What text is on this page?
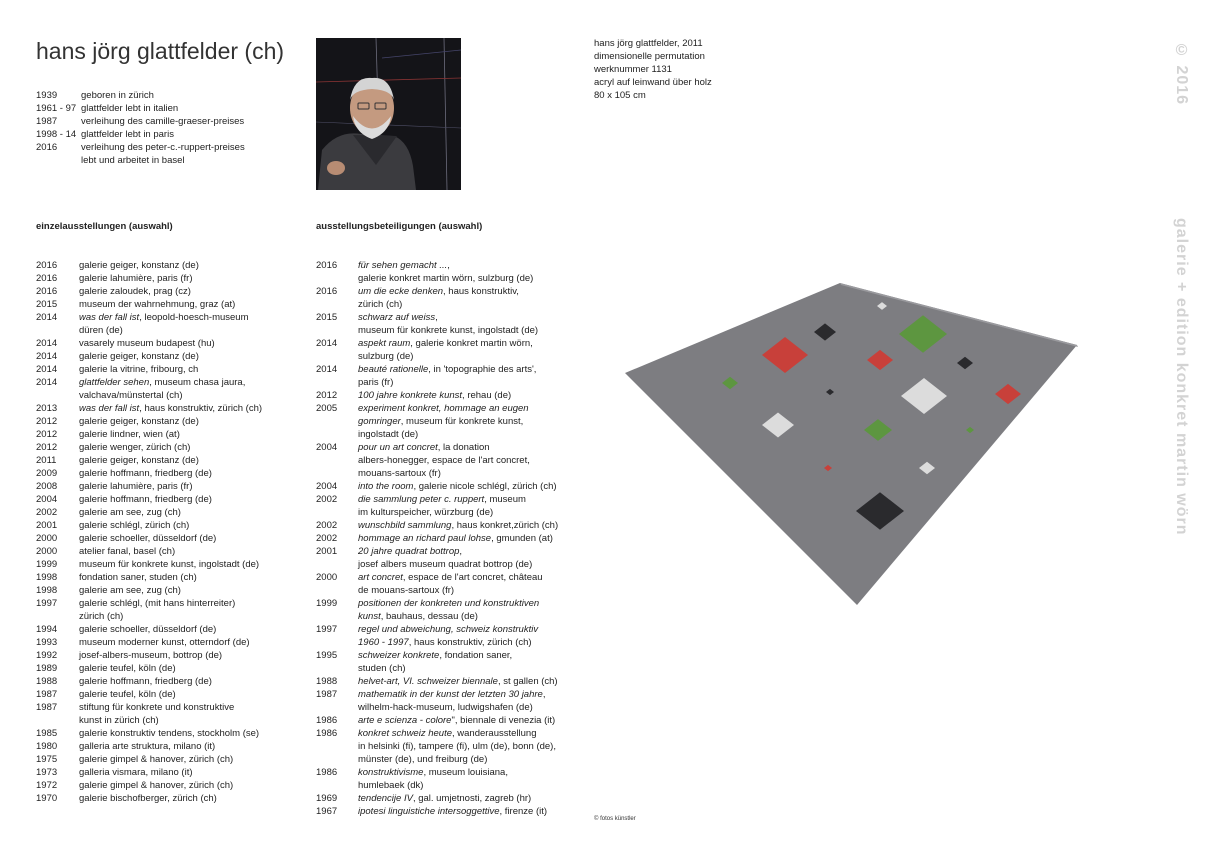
hans jörg glattfelder (ch)
1939	geboren in zürich
1961 - 97 glattfelder lebt in italien
1987	verleihung des camille-graeser-preises
1998 - 14 glattfelder lebt in paris
2016	verleihung des peter-c.-ruppert-preises
lebt und arbeitet in basel
hans jörg glattfelder, 2011
dimensionelle permutation
werknummer 1131
acryl auf leinwand über holz
80 x 105 cm
einzelausstellungen (auswahl)	ausstellungsbeteiligungen (auswahl)
2016	galerie geiger, konstanz (de)
2016	galerie lahumière, paris (fr)
2016	galerie zaloudek, prag (cz)
2015	museum der wahrnehmung, graz (at)
2014	was der fall ist, leopold-hoesch-museum
düren (de)
2014	vasarely museum budapest (hu)
2014	galerie geiger, konstanz (de)
2014	galerie la vitrine, fribourg, ch
2014	glattfelder sehen, museum chasa jaura,
valchava/münstertal (ch)
2013	was der fall ist, haus konstruktiv, zürich (ch)
2012	galerie geiger, konstanz (de)
2012	galerie lindner, wien (at)
2012	galerie wenger, zürich (ch)
2011	galerie geiger, konstanz (de)
2009	galerie hoffmann, friedberg (de)
2008	galerie lahumière, paris (fr)
2004	galerie hoffmann, friedberg (de)
2002	galerie am see, zug (ch)
2001	galerie schlégl, zürich (ch)
2000	galerie schoeller, düsseldorf (de)
2000	atelier fanal, basel (ch)
1999	museum für konkrete kunst, ingolstadt (de)
1998	fondation saner, studen (ch)
1998	galerie am see, zug (ch)
1997	galerie schlégl, (mit hans hinterreiter)
zürich (ch)
1994	galerie schoeller, düsseldorf (de)
1993	museum moderner kunst, otterndorf (de)
1992	josef-albers-museum, bottrop (de)
1989	galerie teufel, köln (de)
1988	galerie hoffmann, friedberg (de)
1987	galerie teufel, köln (de)
1987	stiftung für konkrete und konstruktive
kunst in zürich (ch)
1985	galerie konstruktiv tendens, stockholm (se)
1980	galleria arte struktura, milano (it)
1975	galerie gimpel & hanover, zürich (ch)
1973	galleria vismara, milano (it)
1972	galerie gimpel & hanover, zürich (ch)
1970	galerie bischofberger, zürich (ch)
2016	für sehen gemacht ...,
galerie konkret martin wörn, sulzburg (de)
2016	um die ecke denken, haus konstruktiv,
zürich (ch)
2015	schwarz auf weiss,
museum für konkrete kunst, ingolstadt (de)
2014	aspekt raum, galerie konkret martin wörn,
sulzburg (de)
2014	beauté rationelle, in 'topographie des arts',
paris (fr)
2012	100 jahre konkrete kunst, rehau (de)
2005	experiment konkret, hommage an eugen
gomringer, museum für konkrete kunst,
ingolstadt (de)
2004	pour un art concret, la donation
albers-honegger, espace de l'art concret,
mouans-sartoux (fr)
2004	into the room, galerie nicole schlégl, zürich (ch)
2002	die sammlung peter c. ruppert, museum
im kulturspeicher, würzburg (de)
2002	wunschbild sammlung, haus konkret,zürich (ch)
2002	hommage an richard paul lohse, gmunden (at)
2001	20 jahre quadrat bottrop,
josef albers museum quadrat bottrop (de)
2000	art concret, espace de l'art concret, château
de mouans-sartoux (fr)
1999	positionen der konkreten und konstruktiven
kunst, bauhaus, dessau (de)
1997	regel und abweichung, schweiz konstruktiv
1960 - 1997, haus konstruktiv, zürich (ch)
1995	schweizer konkrete, fondation saner,
studen (ch)
1988	helvet-art, VI. schweizer biennale, st gallen (ch)
1987	mathematik in der kunst der letzten 30 jahre,
wilhelm-hack-museum, ludwigshafen (de)
1986	arte e scienza - colore", biennale di venezia (it)
1986	konkret schweiz heute, wanderausstellung
in helsinki (fi), tampere (fi), ulm (de), bonn (de),
münster (de), und freiburg (de)
1986	konstruktivisme, museum louisiana,
humlebaek (dk)
1969	tendencije IV, gal. umjetnosti, zagreb (hr)
1967	ipotesi linguistiche intersoggettive, firenze (it)
© 2016
galerie + edition konkret martin wörn
© fotos künstler
